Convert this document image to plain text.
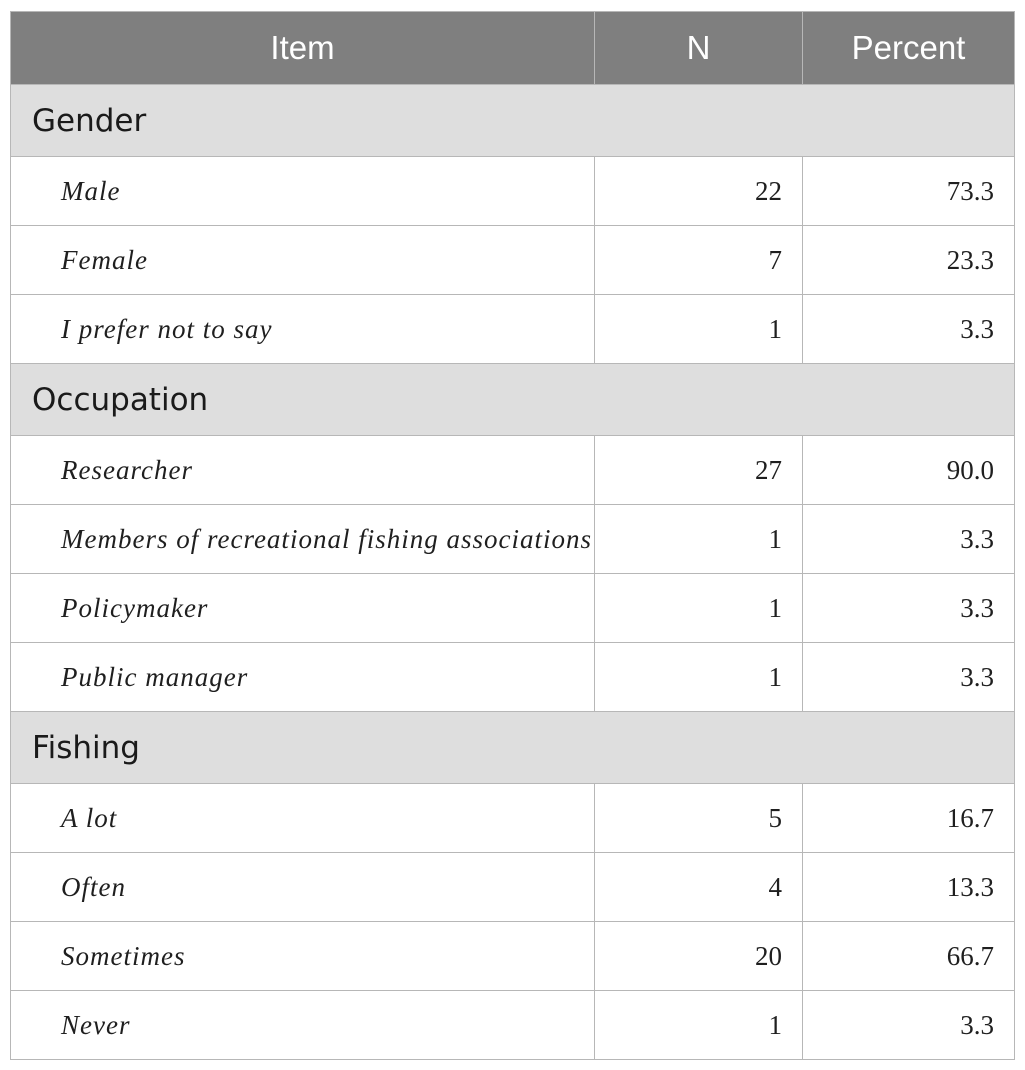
Item	N	Percent
Gender		
Male	22	73.3
Female	7	23.3
I prefer not to say	1	3.3
Occupation		
Researcher	27	90.0
Members of recreational fishing associations	1	3.3
Policymaker	1	3.3
Public manager	1	3.3
Fishing		
A lot	5	16.7
Often	4	13.3
Sometimes	20	66.7
Never	1	3.3
